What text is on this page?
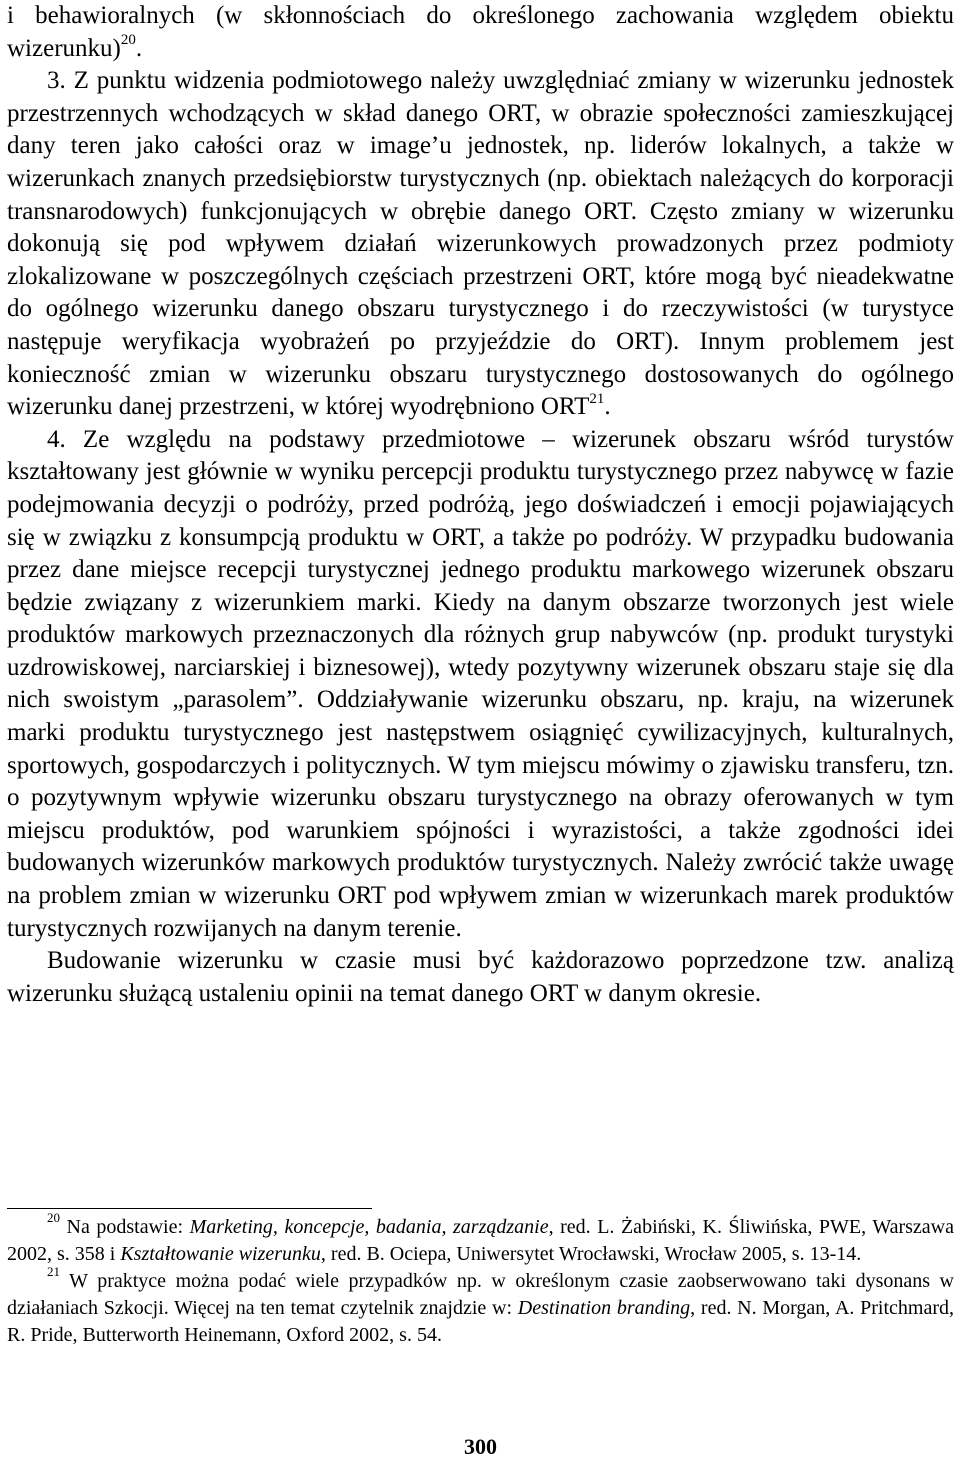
i behawioralnych (w skłonnościach do określonego zachowania względem obiektu wizerunku)$^{20}$.

3. Z punktu widzenia podmiotowego należy uwzględniać zmiany w wizerunku jednostek przestrzennych wchodzących w skład danego ORT, w obrazie społeczności zamieszkującej dany teren jako całości oraz w image’u jednostek, np. liderów lokalnych, a także w wizerunkach znanych przedsiębiorstw turystycznych (np. obiektach należących do korporacji transnarodowych) funkcjonujących w obrębie danego ORT. Często zmiany w wizerunku dokonują się pod wpływem działań wizerunkowych prowadzonych przez podmioty zlokalizowane w poszczególnych częściach przestrzeni ORT, które mogą być nieadekwatne do ogólnego wizerunku danego obszaru turystycznego i do rzeczywistości (w turystyce następuje weryfikacja wyobrażeń po przyjeździe do ORT). Innym problemem jest konieczność zmian w wizerunku obszaru turystycznego dostosowanych do ogólnego wizerunku danej przestrzeni, w której wyodrębniono ORT$^{21}$.

4. Ze względu na podstawy przedmiotowe – wizerunek obszaru wśród turystów kształtowany jest głównie w wyniku percepcji produktu turystycznego przez nabywcę w fazie podejmowania decyzji o podróży, przed podróżą, jego doświadczeń i emocji pojawiających się w związku z konsumpcją produktu w ORT, a także po podróży. W przypadku budowania przez dane miejsce recepcji turystycznej jednego produktu markowego wizerunek obszaru będzie związany z wizerunkiem marki. Kiedy na danym obszarze tworzonych jest wiele produktów markowych przeznaczonych dla różnych grup nabywców (np. produkt turystyki uzdrowiskowej, narciarskiej i biznesowej), wtedy pozytywny wizerunek obszaru staje się dla nich swoistym „parasolem”. Oddziaływanie wizerunku obszaru, np. kraju, na wizerunek marki produktu turystycznego jest następstwem osiągnięć cywilizacyjnych, kulturalnych, sportowych, gospodarczych i politycznych. W tym miejscu mówimy o zjawisku transferu, tzn. o pozytywnym wpływie wizerunku obszaru turystycznego na obrazy oferowanych w tym miejscu produktów, pod warunkiem spójności i wyrazistości, a także zgodności idei budowanych wizerunków markowych produktów turystycznych. Należy zwrócić także uwagę na problem zmian w wizerunku ORT pod wpływem zmian w wizerunkach marek produktów turystycznych rozwijanych na danym terenie.

Budowanie wizerunku w czasie musi być każdorazowo poprzedzone tzw. analizą wizerunku służącą ustaleniu opinii na temat danego ORT w danym okresie.

$^{20}$ Na podstawie: Marketing, koncepcje, badania, zarządzanie, red. L. Żabiński, K. Śliwińska, PWE, Warszawa 2002, s. 358 i Kształtowanie wizerunku, red. B. Ociepa, Uniwersytet Wrocławski, Wrocław 2005, s. 13-14.

$^{21}$ W praktyce można podać wiele przypadków np. w określonym czasie zaobserwowano taki dysonans w działaniach Szkocji. Więcej na ten temat czytelnik znajdzie w: Destination branding, red. N. Morgan, A. Pritchmard, R. Pride, Butterworth Heinemann, Oxford 2002, s. 54.

300
